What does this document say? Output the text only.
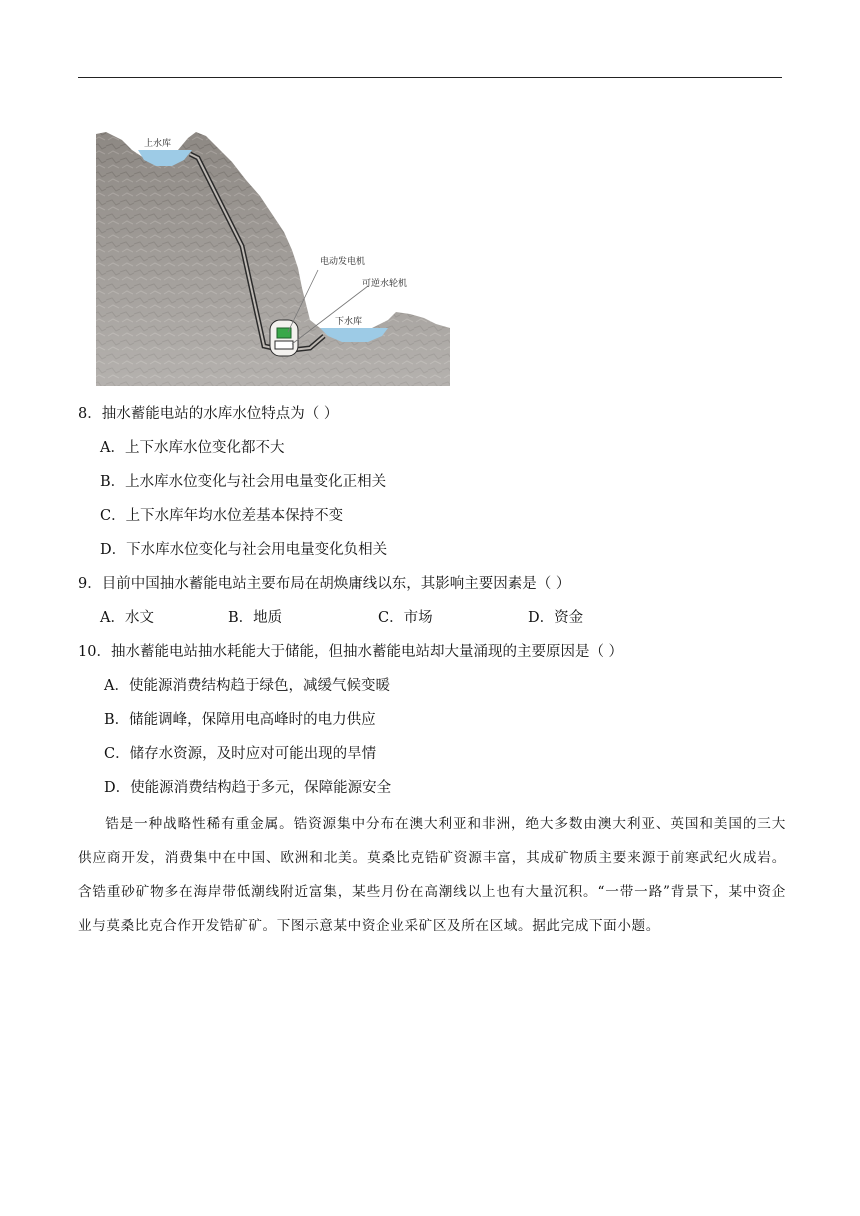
上水库
电动发电机
可逆水轮机
下水库
8．抽水蓄能电站的水库水位特点为（ ）
A．上下水库水位变化都不大
B．上水库水位变化与社会用电量变化正相关
C．上下水库年均水位差基本保持不变
D．下水库水位变化与社会用电量变化负相关
9．目前中国抽水蓄能电站主要布局在胡焕庸线以东，其影响主要因素是（ ）
A．水文	B．地质	C．市场	D．资金
10．抽水蓄能电站抽水耗能大于储能，但抽水蓄能电站却大量涌现的主要原因是（ ）
A．使能源消费结构趋于绿色，减缓气候变暖
B．储能调峰，保障用电高峰时的电力供应
C．储存水资源，及时应对可能出现的旱情
D．使能源消费结构趋于多元，保障能源安全
锆是一种战略性稀有重金属。锆资源集中分布在澳大利亚和非洲，绝大多数由澳大利亚、英国和美国的三大供应商开发，消费集中在中国、欧洲和北美。莫桑比克锆矿资源丰富，其成矿物质主要来源于前寒武纪火成岩。含锆重砂矿物多在海岸带低潮线附近富集，某些月份在高潮线以上也有大量沉积。“一带一路”背景下，某中资企业与莫桑比克合作开发锆矿矿。下图示意某中资企业采矿区及所在区域。据此完成下面小题。
